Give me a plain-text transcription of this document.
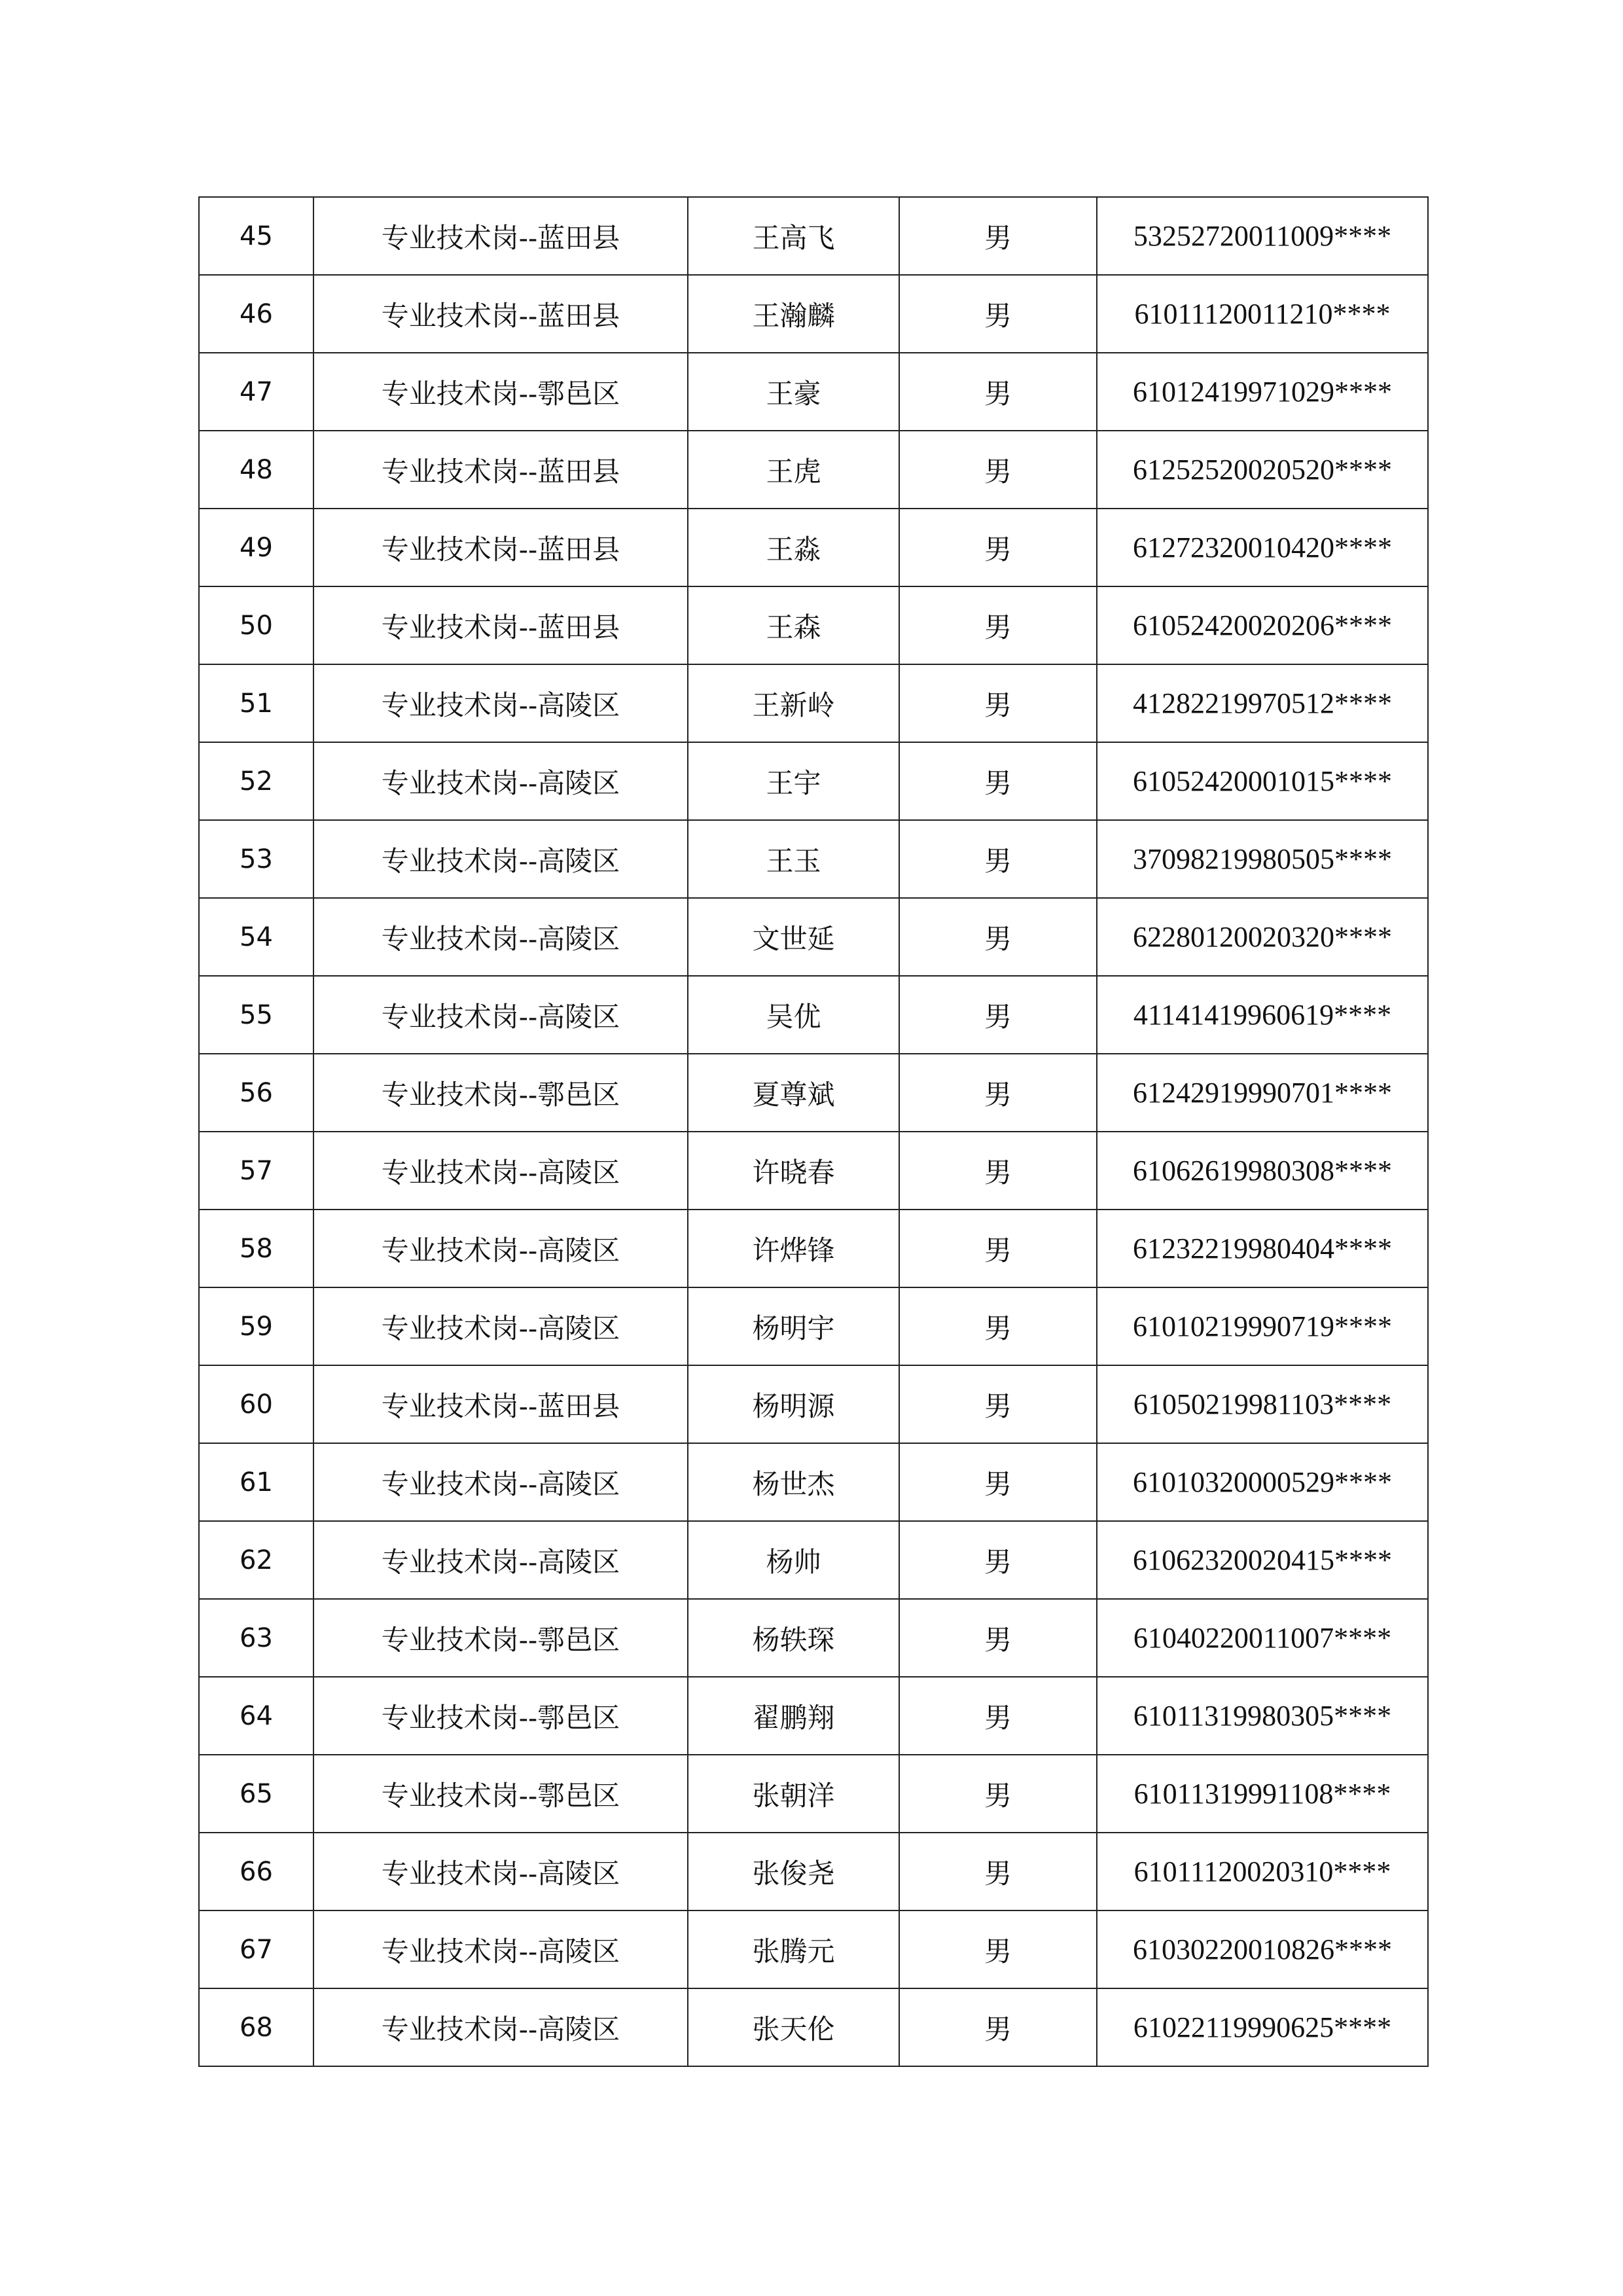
45	专业技术岗--蓝田县	王高飞	男	53252720011009****
46	专业技术岗--蓝田县	王瀚麟	男	61011120011210****
47	专业技术岗--鄠邑区	王豪	男	61012419971029****
48	专业技术岗--蓝田县	王虎	男	61252520020520****
49	专业技术岗--蓝田县	王淼	男	61272320010420****
50	专业技术岗--蓝田县	王森	男	61052420020206****
51	专业技术岗--高陵区	王新岭	男	41282219970512****
52	专业技术岗--高陵区	王宇	男	61052420001015****
53	专业技术岗--高陵区	王玉	男	37098219980505****
54	专业技术岗--高陵区	文世延	男	62280120020320****
55	专业技术岗--高陵区	吴优	男	41141419960619****
56	专业技术岗--鄠邑区	夏尊斌	男	61242919990701****
57	专业技术岗--高陵区	许晓春	男	61062619980308****
58	专业技术岗--高陵区	许烨锋	男	61232219980404****
59	专业技术岗--高陵区	杨明宇	男	61010219990719****
60	专业技术岗--蓝田县	杨明源	男	61050219981103****
61	专业技术岗--高陵区	杨世杰	男	61010320000529****
62	专业技术岗--高陵区	杨帅	男	61062320020415****
63	专业技术岗--鄠邑区	杨轶琛	男	61040220011007****
64	专业技术岗--鄠邑区	翟鹏翔	男	61011319980305****
65	专业技术岗--鄠邑区	张朝洋	男	61011319991108****
66	专业技术岗--高陵区	张俊尧	男	61011120020310****
67	专业技术岗--高陵区	张腾元	男	61030220010826****
68	专业技术岗--高陵区	张天伦	男	61022119990625****
